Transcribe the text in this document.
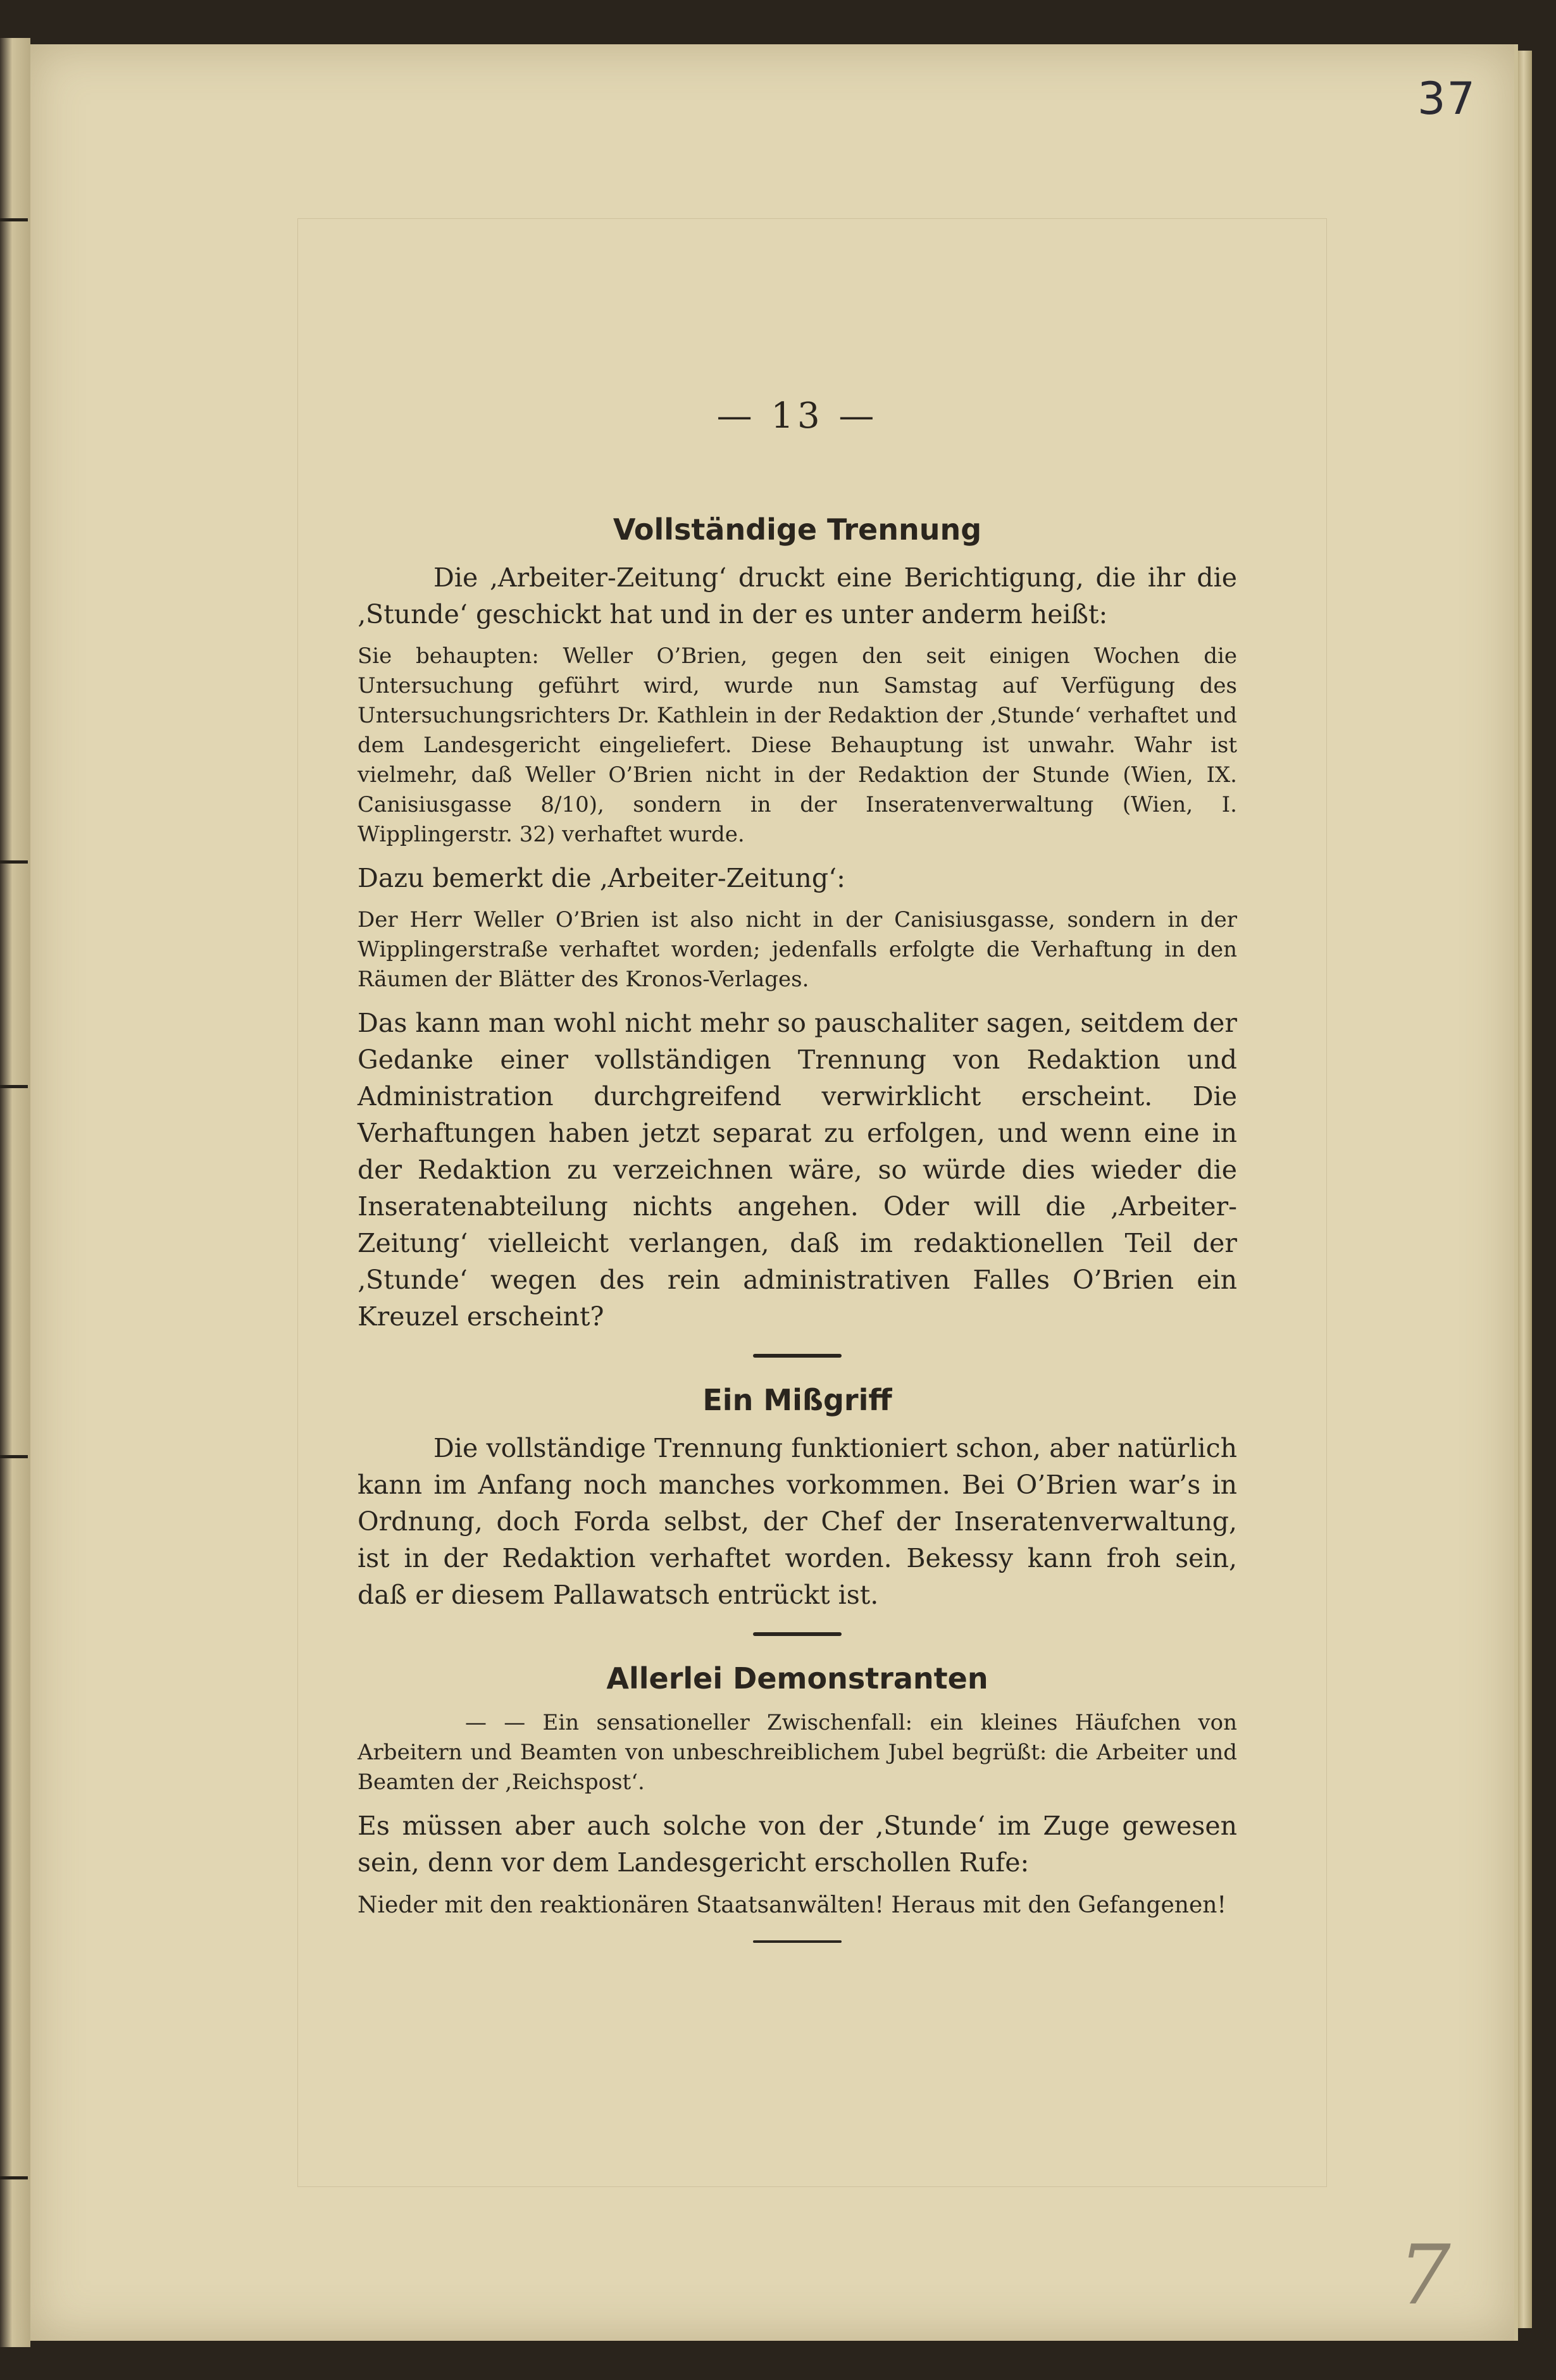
37
7
— 13 —
Vollständige Trennung

Die ‚Arbeiter-Zeitung‘ druckt eine Berichtigung, die ihr die ‚Stunde‘ geschickt hat und in der es unter anderm heißt:

Sie behaupten: Weller O’Brien, gegen den seit einigen Wochen die Untersuchung geführt wird, wurde nun Samstag auf Verfügung des Untersuchungsrichters Dr. Kathlein in der Redaktion der ‚Stunde‘ verhaftet und dem Landesgericht eingeliefert. Diese Behauptung ist unwahr. Wahr ist vielmehr, daß Weller O’Brien nicht in der Redaktion der Stunde (Wien, IX. Canisiusgasse 8/10), sondern in der Inseratenverwaltung (Wien, I. Wipplingerstr. 32) verhaftet wurde.

Dazu bemerkt die ‚Arbeiter-Zeitung‘:

Der Herr Weller O’Brien ist also nicht in der Canisiusgasse, sondern in der Wipplingerstraße verhaftet worden; jedenfalls erfolgte die Verhaftung in den Räumen der Blätter des Kronos-Verlages.

Das kann man wohl nicht mehr so pauschaliter sagen, seitdem der Gedanke einer vollständigen Trennung von Redaktion und Administration durchgreifend verwirklicht erscheint. Die Verhaftungen haben jetzt separat zu erfolgen, und wenn eine in der Redaktion zu verzeichnen wäre, so würde dies wieder die Inseratenabteilung nichts angehen. Oder will die ‚Arbeiter-Zeitung‘ vielleicht verlangen, daß im redaktionellen Teil der ‚Stunde‘ wegen des rein administrativen Falles O’Brien ein Kreuzel erscheint?

Ein Mißgriff

Die vollständige Trennung funktioniert schon, aber natürlich kann im Anfang noch manches vorkommen. Bei O’Brien war’s in Ordnung, doch Forda selbst, der Chef der Inseratenverwaltung, ist in der Redaktion verhaftet worden. Bekessy kann froh sein, daß er diesem Pallawatsch entrückt ist.

Allerlei Demonstranten

— — Ein sensationeller Zwischenfall: ein kleines Häufchen von Arbeitern und Beamten von unbeschreiblichem Jubel begrüßt: die Arbeiter und Beamten der ‚Reichspost‘.

Es müssen aber auch solche von der ‚Stunde‘ im Zuge gewesen sein, denn vor dem Landesgericht erschollen Rufe:

Nieder mit den reaktionären Staatsanwälten! Heraus mit den Gefangenen!
